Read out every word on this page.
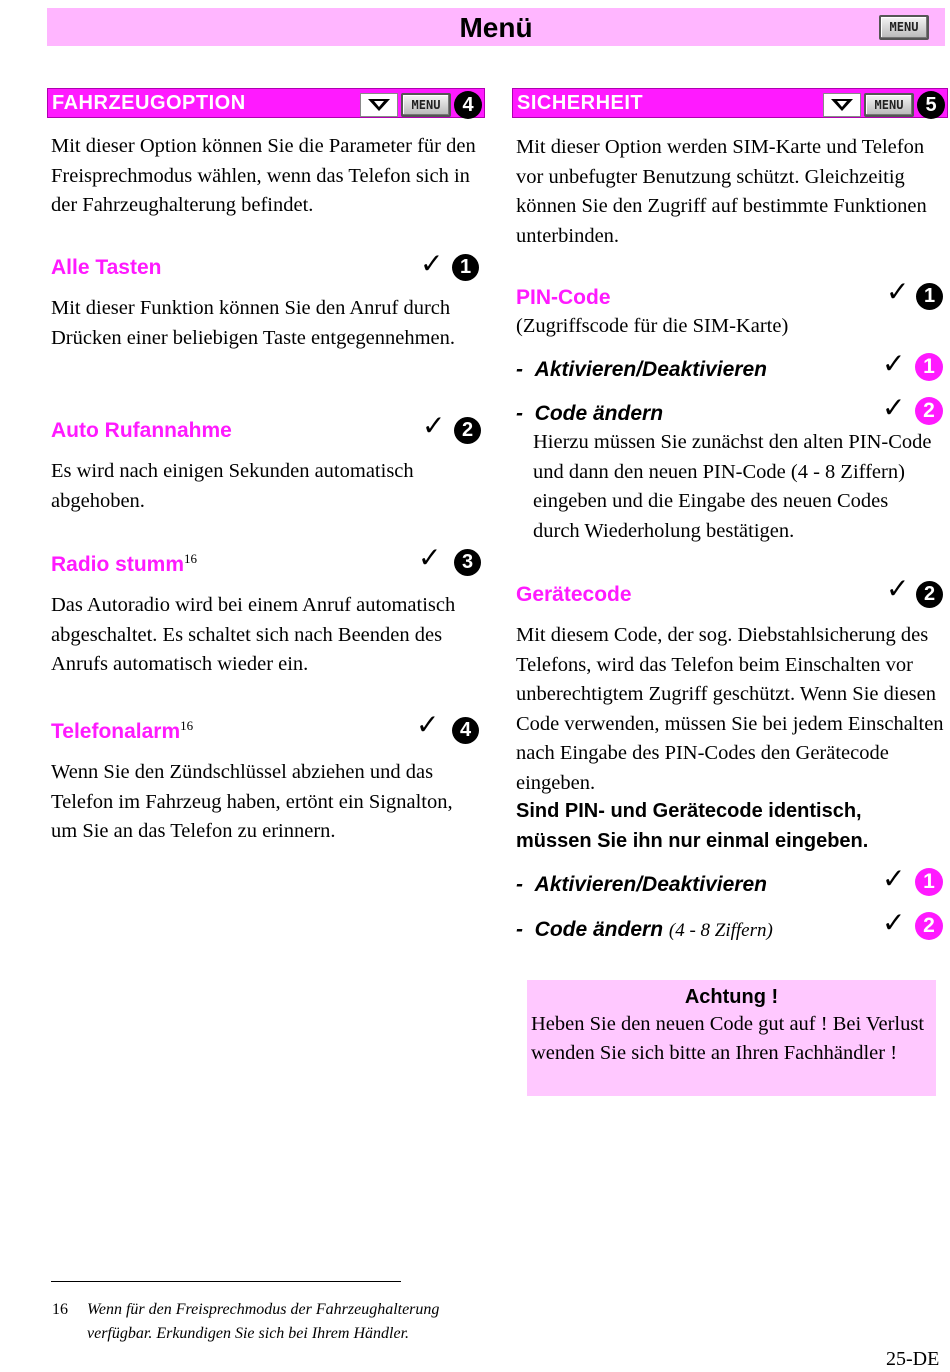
Menü	MENU
FAHRZEUGOPTION	MENU	4
Mit dieser Option können Sie die Parameter für den Freisprechmodus wählen, wenn das Telefon sich in der Fahrzeughalterung befindet.
Alle Tasten	✓ 1
Mit dieser Funktion können Sie den Anruf durch Drücken einer beliebigen Taste entgegennehmen.
Auto Rufannahme	✓ 2
Es wird nach einigen Sekunden automatisch abgehoben.
Radio stumm$^{16}$	✓	3
Das Autoradio wird bei einem Anruf automatisch abgeschaltet. Es schaltet sich nach Beenden des Anrufs automatisch wieder ein.
Telefonalarm$^{16}$	✓	4
Wenn Sie den Zündschlüssel abziehen und das Telefon im Fahrzeug haben, ertönt ein Signalton, um Sie an das Telefon zu erinnern.
SICHERHEIT	MENU	5
Mit dieser Option werden SIM-Karte und Telefon vor unbefugter Benutzung schützt. Gleichzeitig können Sie den Zugriff auf bestimmte Funktionen unterbinden.
PIN-Code	✓ 1
(Zugriffscode für die SIM-Karte)
-  Aktivieren/Deaktivieren	✓ 1
-  Code ändern	✓ 2
Hierzu müssen Sie zunächst den alten PIN-Code und dann den neuen PIN-Code (4 - 8 Ziffern) eingeben und die Eingabe des neuen Codes durch Wiederholung bestätigen.
Gerätecode	✓ 2
Mit diesem Code, der sog. Diebstahlsicherung des Telefons, wird das Telefon beim Einschalten vor unberechtigtem Zugriff geschützt. Wenn Sie diesen Code verwenden, müssen Sie bei jedem Einschalten nach Eingabe des PIN-Codes den Gerätecode eingeben.
Sind PIN- und Gerätecode identisch, müssen Sie ihn nur einmal eingeben.
-  Aktivieren/Deaktivieren	✓ 1
-  Code ändern (4 - 8 Ziffern)	✓ 2
Achtung !
Heben Sie den neuen Code gut auf ! Bei Verlust wenden Sie sich bitte an Ihren Fachhändler !
16 Wenn für den Freisprechmodus der Fahrzeughalterung verfügbar. Erkundigen Sie sich bei Ihrem Händler.
25-DE
